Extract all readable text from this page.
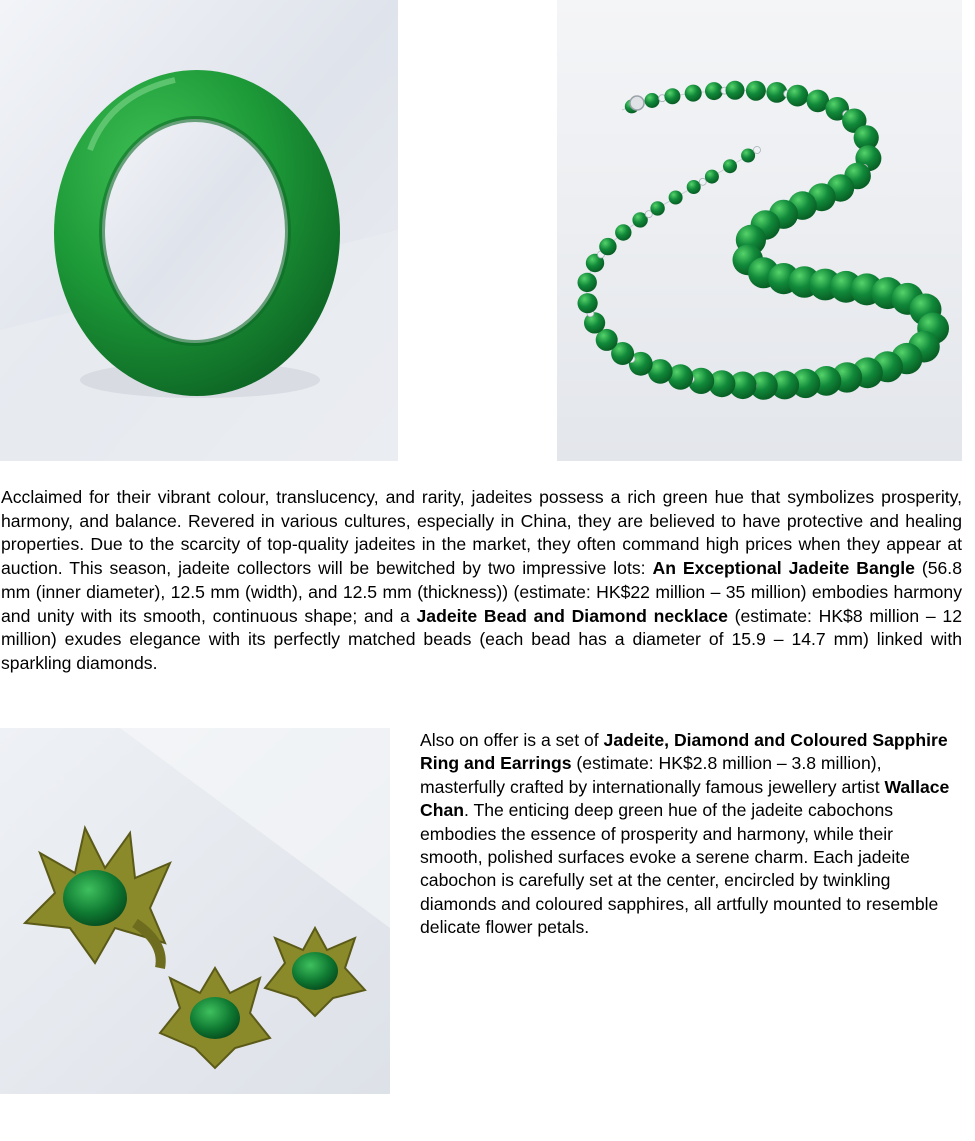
Acclaimed for their vibrant colour, translucency, and rarity, jadeites possess a rich green hue that symbolizes prosperity, harmony, and balance. Revered in various cultures, especially in China, they are believed to have protective and healing properties. Due to the scarcity of top-quality jadeites in the market, they often command high prices when they appear at auction. This season, jadeite collectors will be bewitched by two impressive lots: An Exceptional Jadeite Bangle (56.8 mm (inner diameter), 12.5 mm (width), and 12.5 mm (thickness)) (estimate: HK$22 million – 35 million) embodies harmony and unity with its smooth, continuous shape; and a Jadeite Bead and Diamond necklace (estimate: HK$8 million – 12 million) exudes elegance with its perfectly matched beads (each bead has a diameter of 15.9 – 14.7 mm) linked with sparkling diamonds.

Also on offer is a set of Jadeite, Diamond and Coloured Sapphire Ring and Earrings (estimate: HK$2.8 million – 3.8 million), masterfully crafted by internationally famous jewellery artist Wallace Chan. The enticing deep green hue of the jadeite cabochons embodies the essence of prosperity and harmony, while their smooth, polished surfaces evoke a serene charm. Each jadeite cabochon is carefully set at the center, encircled by twinkling diamonds and coloured sapphires, all artfully mounted to resemble delicate flower petals.
